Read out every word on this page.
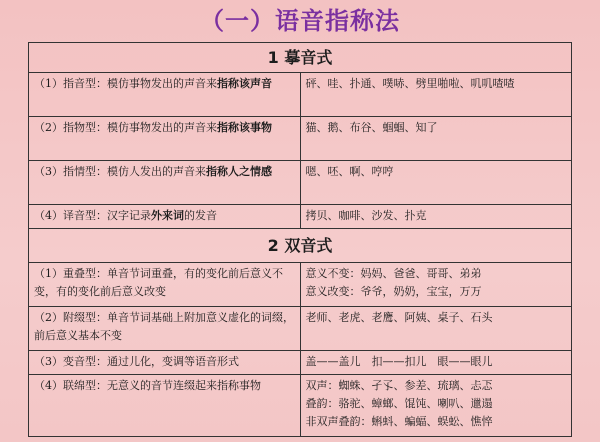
（一）语音指称法
1 摹音式	
（1）指音型：模仿事物发出的声音来指称该声音	砰、哇、扑通、噗哧、劈里啪啦、叽叽喳喳

（2）指物型：模仿事物发出的声音来指称该事物	猫、鹅、布谷、蝈蝈、知了

（3）指情型：模仿人发出的声音来指称人之情感	嗯、呸、啊、哼哼

（4）译音型：汉字记录外来词的发音	拷贝、咖啡、沙发、扑克

2 双音式	
（1）重叠型：单音节词重叠，有的变化前后意义不变，有的变化前后意义改变	意义不变：妈妈、爸爸、哥哥、弟弟
意义改变：爷爷，奶奶，宝宝，万万

（2）附缀型：单音节词基础上附加意义虚化的词缀，前后意义基本不变	老师、老虎、老鹰、阿姨、桌子、石头

（3）变音型：通过儿化，变调等语音形式	盖——盖儿　扣——扣儿　眼——眼儿

（4）联绵型：无意义的音节连缀起来指称事物	双声：蜘蛛、孑孓、参差、琉璃、忐忑
叠韵：骆驼、蟑螂、馄饨、喇叭、邋遢
非双声叠韵：蝌蚪、蝙蝠、蜈蚣、憔悴
